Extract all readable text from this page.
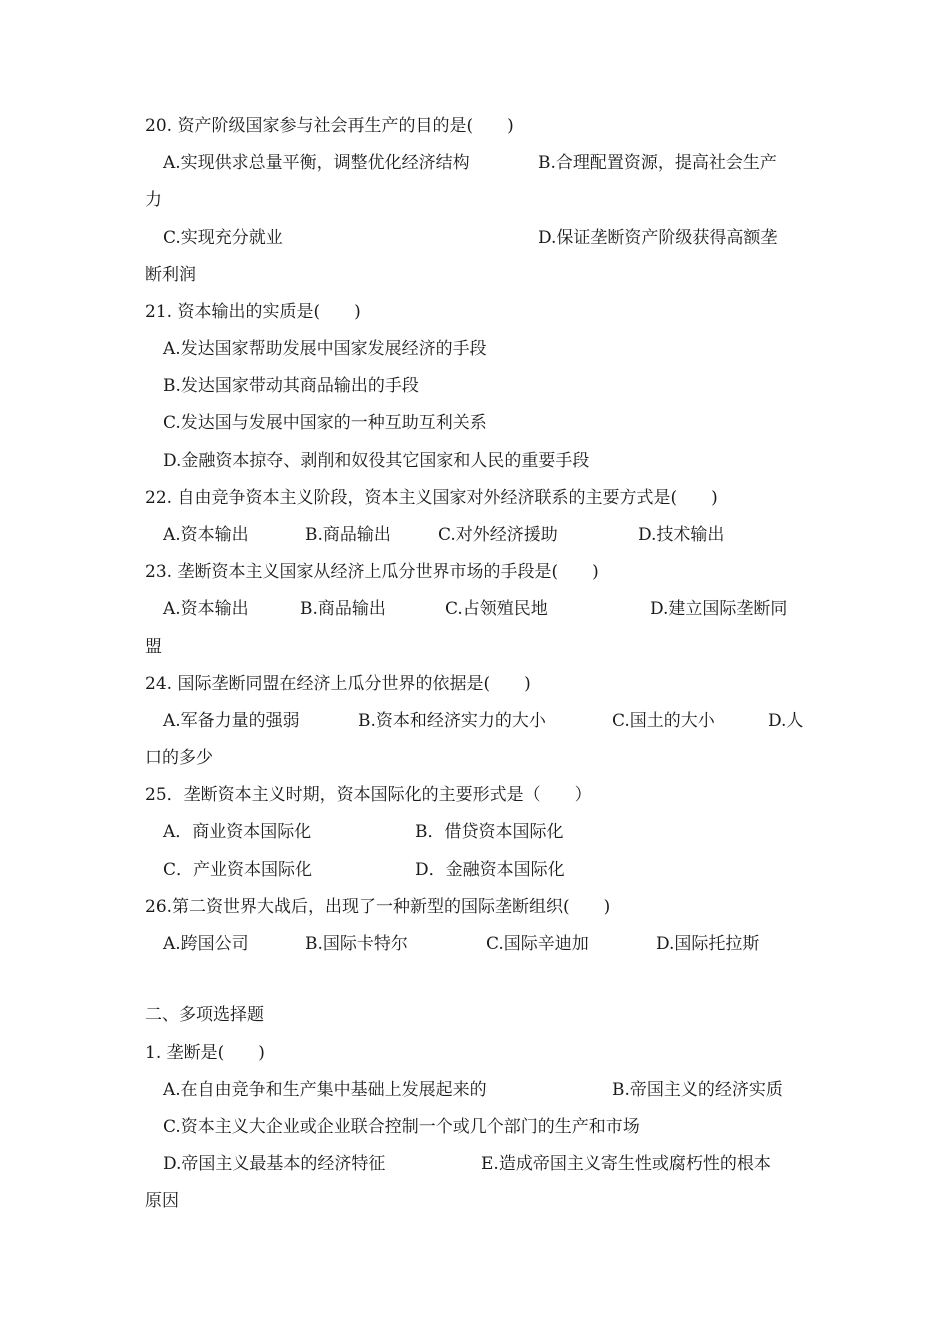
20. 资产阶级国家参与社会再生产的目的是(　　)

A.实现供求总量平衡，调整优化经济结构	B.合理配置资源，提高社会生产

力

C.实现充分就业	D.保证垄断资产阶级获得高额垄

断利润

21. 资本输出的实质是(　　)

A.发达国家帮助发展中国家发展经济的手段

B.发达国家带动其商品输出的手段

C.发达国与发展中国家的一种互助互利关系

D.金融资本掠夺、剥削和奴役其它国家和人民的重要手段

22. 自由竞争资本主义阶段，资本主义国家对外经济联系的主要方式是(　　)

A.资本输出	B.商品输出	C.对外经济援助	D.技术输出

23. 垄断资本主义国家从经济上瓜分世界市场的手段是(　　)

A.资本输出	B.商品输出	C.占领殖民地	D.建立国际垄断同

盟

24. 国际垄断同盟在经济上瓜分世界的依据是(　　)

A.军备力量的强弱	B.资本和经济实力的大小	C.国土的大小	D.人

口的多少

25．垄断资本主义时期，资本国际化的主要形式是（　　）

A．商业资本国际化	B．借贷资本国际化

C．产业资本国际化	D．金融资本国际化

26.第二资世界大战后，出现了一种新型的国际垄断组织(　　)

A.跨国公司	B.国际卡特尔	C.国际辛迪加	D.国际托拉斯

二、多项选择题

1. 垄断是(　　)

A.在自由竞争和生产集中基础上发展起来的	B.帝国主义的经济实质

C.资本主义大企业或企业联合控制一个或几个部门的生产和市场

D.帝国主义最基本的经济特征	E.造成帝国主义寄生性或腐朽性的根本

原因
